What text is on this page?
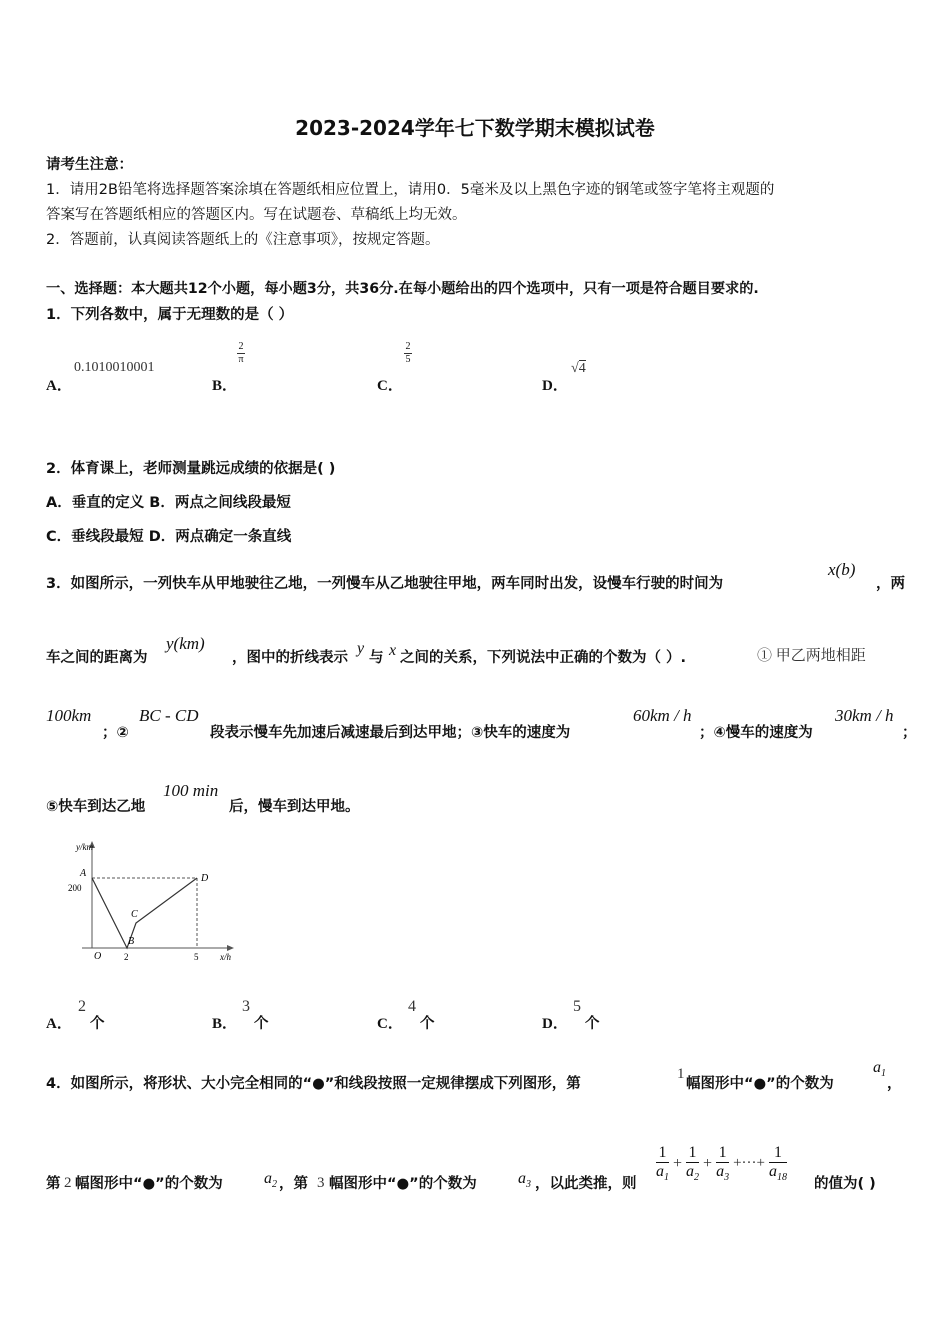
2023-2024学年七下数学期末模拟试卷
请考生注意：
1．请用2B铅笔将选择题答案涂填在答题纸相应位置上，请用0．5毫米及以上黑色字迹的钢笔或签字笔将主观题的
答案写在答题纸相应的答题区内。写在试题卷、草稿纸上均无效。
2．答题前，认真阅读答题纸上的《注意事项》，按规定答题。
一、选择题：本大题共12个小题，每小题3分，共36分.在每小题给出的四个选项中，只有一项是符合题目要求的.
1．下列各数中，属于无理数的是（ ）
A．
0.1010010001
B．
2
π
C．
2
5
D．
√4
2．体育课上，老师测量跳远成绩的依据是( )
A．垂直的定义 B．两点之间线段最短
C．垂线段最短 D．两点确定一条直线
3．如图所示，一列快车从甲地驶往乙地，一列慢车从乙地驶往甲地，两车同时出发，设慢车行驶的时间为
x(b)
，两
车之间的距离为
y(km)
，图中的折线表示
y
与 x 之间的关系，下列说法中正确的个数为（ ）.	① 甲乙两地相距
100km
；②
BC - CD
段表示慢车先加速后减速最后到达甲地；③快车的速度为
60km / h
；④慢车的速度为
30km / h
；
⑤快车到达乙地
100 min
后，慢车到达甲地。
y/km
x/h
A
B
C
D
O
200
2	5
A．
2
个	B．
3
个	C．
4
个	D．
5
个
4．如图所示，将形状、大小完全相同的“●”和线段按照一定规律摆成下列图形，第
1
幅图形中“●”的个数为
$a_1$
，
第 2 幅图形中“●”的个数为	$a_2$ ，第 3 幅图形中“●”的个数为	$a_3$ ，以此类推，则
$\frac{1}{a_1} + \frac{1}{a_2} + \frac{1}{a_3}$ +···+ $\frac{1}{a_{18}}$
的值为( )
